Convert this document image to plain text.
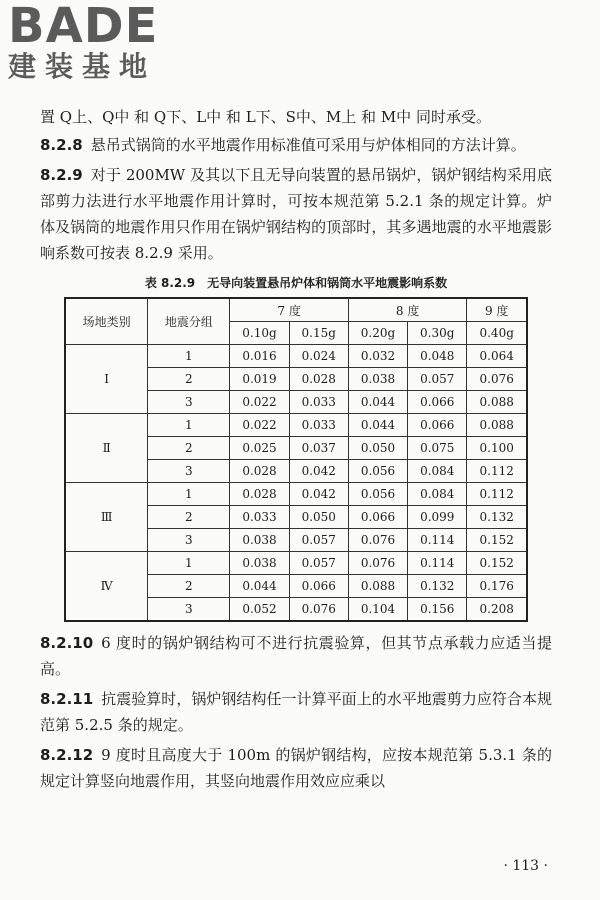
BADE
建装基地

置 Q上、Q中 和 Q下、L中 和 L下、S中、M上 和 M中 同时承受。

8.2.8 悬吊式锅筒的水平地震作用标准值可采用与炉体相同的方法计算。

8.2.9 对于 200MW 及其以下且无导向装置的悬吊锅炉，锅炉钢结构采用底部剪力法进行水平地震作用计算时，可按本规范第 5.2.1 条的规定计算。炉体及锅筒的地震作用只作用在锅炉钢结构的顶部时，其多遇地震的水平地震影响系数可按表 8.2.9 采用。

表 8.2.9　无导向装置悬吊炉体和锅筒水平地震影响系数
场地类别	地震分组	7 度		8 度		9 度
		0.10g	0.15g	0.20g	0.30g	0.40g
Ⅰ	1	0.016	0.024	0.032	0.048	0.064
	2	0.019	0.028	0.038	0.057	0.076
	3	0.022	0.033	0.044	0.066	0.088
Ⅱ	1	0.022	0.033	0.044	0.066	0.088
	2	0.025	0.037	0.050	0.075	0.100
	3	0.028	0.042	0.056	0.084	0.112
Ⅲ	1	0.028	0.042	0.056	0.084	0.112
	2	0.033	0.050	0.066	0.099	0.132
	3	0.038	0.057	0.076	0.114	0.152
Ⅳ	1	0.038	0.057	0.076	0.114	0.152
	2	0.044	0.066	0.088	0.132	0.176
	3	0.052	0.076	0.104	0.156	0.208

8.2.10 6 度时的锅炉钢结构可不进行抗震验算，但其节点承载力应适当提高。

8.2.11 抗震验算时，锅炉钢结构任一计算平面上的水平地震剪力应符合本规范第 5.2.5 条的规定。

8.2.12 9 度时且高度大于 100m 的锅炉钢结构，应按本规范第 5.3.1 条的规定计算竖向地震作用，其竖向地震作用效应应乘以

· 113 ·
